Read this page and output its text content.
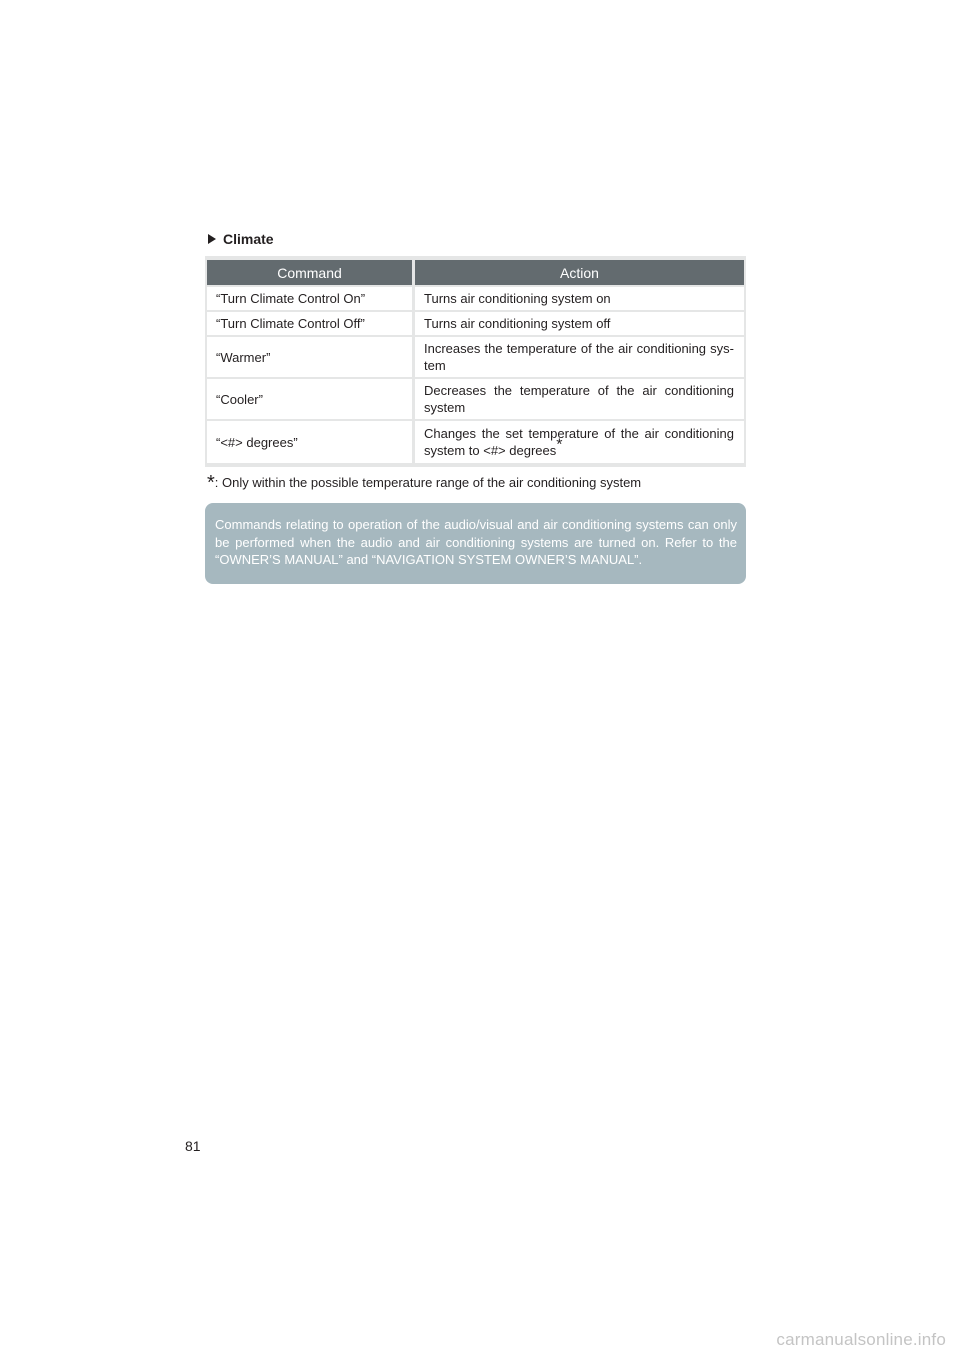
Climate
Command	Action
“Turn Climate Control On”	Turns air conditioning system on
“Turn Climate Control Off”	Turns air conditioning system off
“Warmer”	Increases the temperature of the air conditioning sys-tem
“Cooler”	Decreases the temperature of the air conditioning system
“<#> degrees”	Changes the set temperature of the air conditioning system to <#> degrees*
*: Only within the possible temperature range of the air conditioning system
Commands relating to operation of the audio/visual and air conditioning systems can only be performed when the audio and air conditioning systems are turned on. Refer to the “OWNER’S MANUAL” and “NAVIGATION SYSTEM OWNER’S MANUAL”.
81
carmanualsonline.info
